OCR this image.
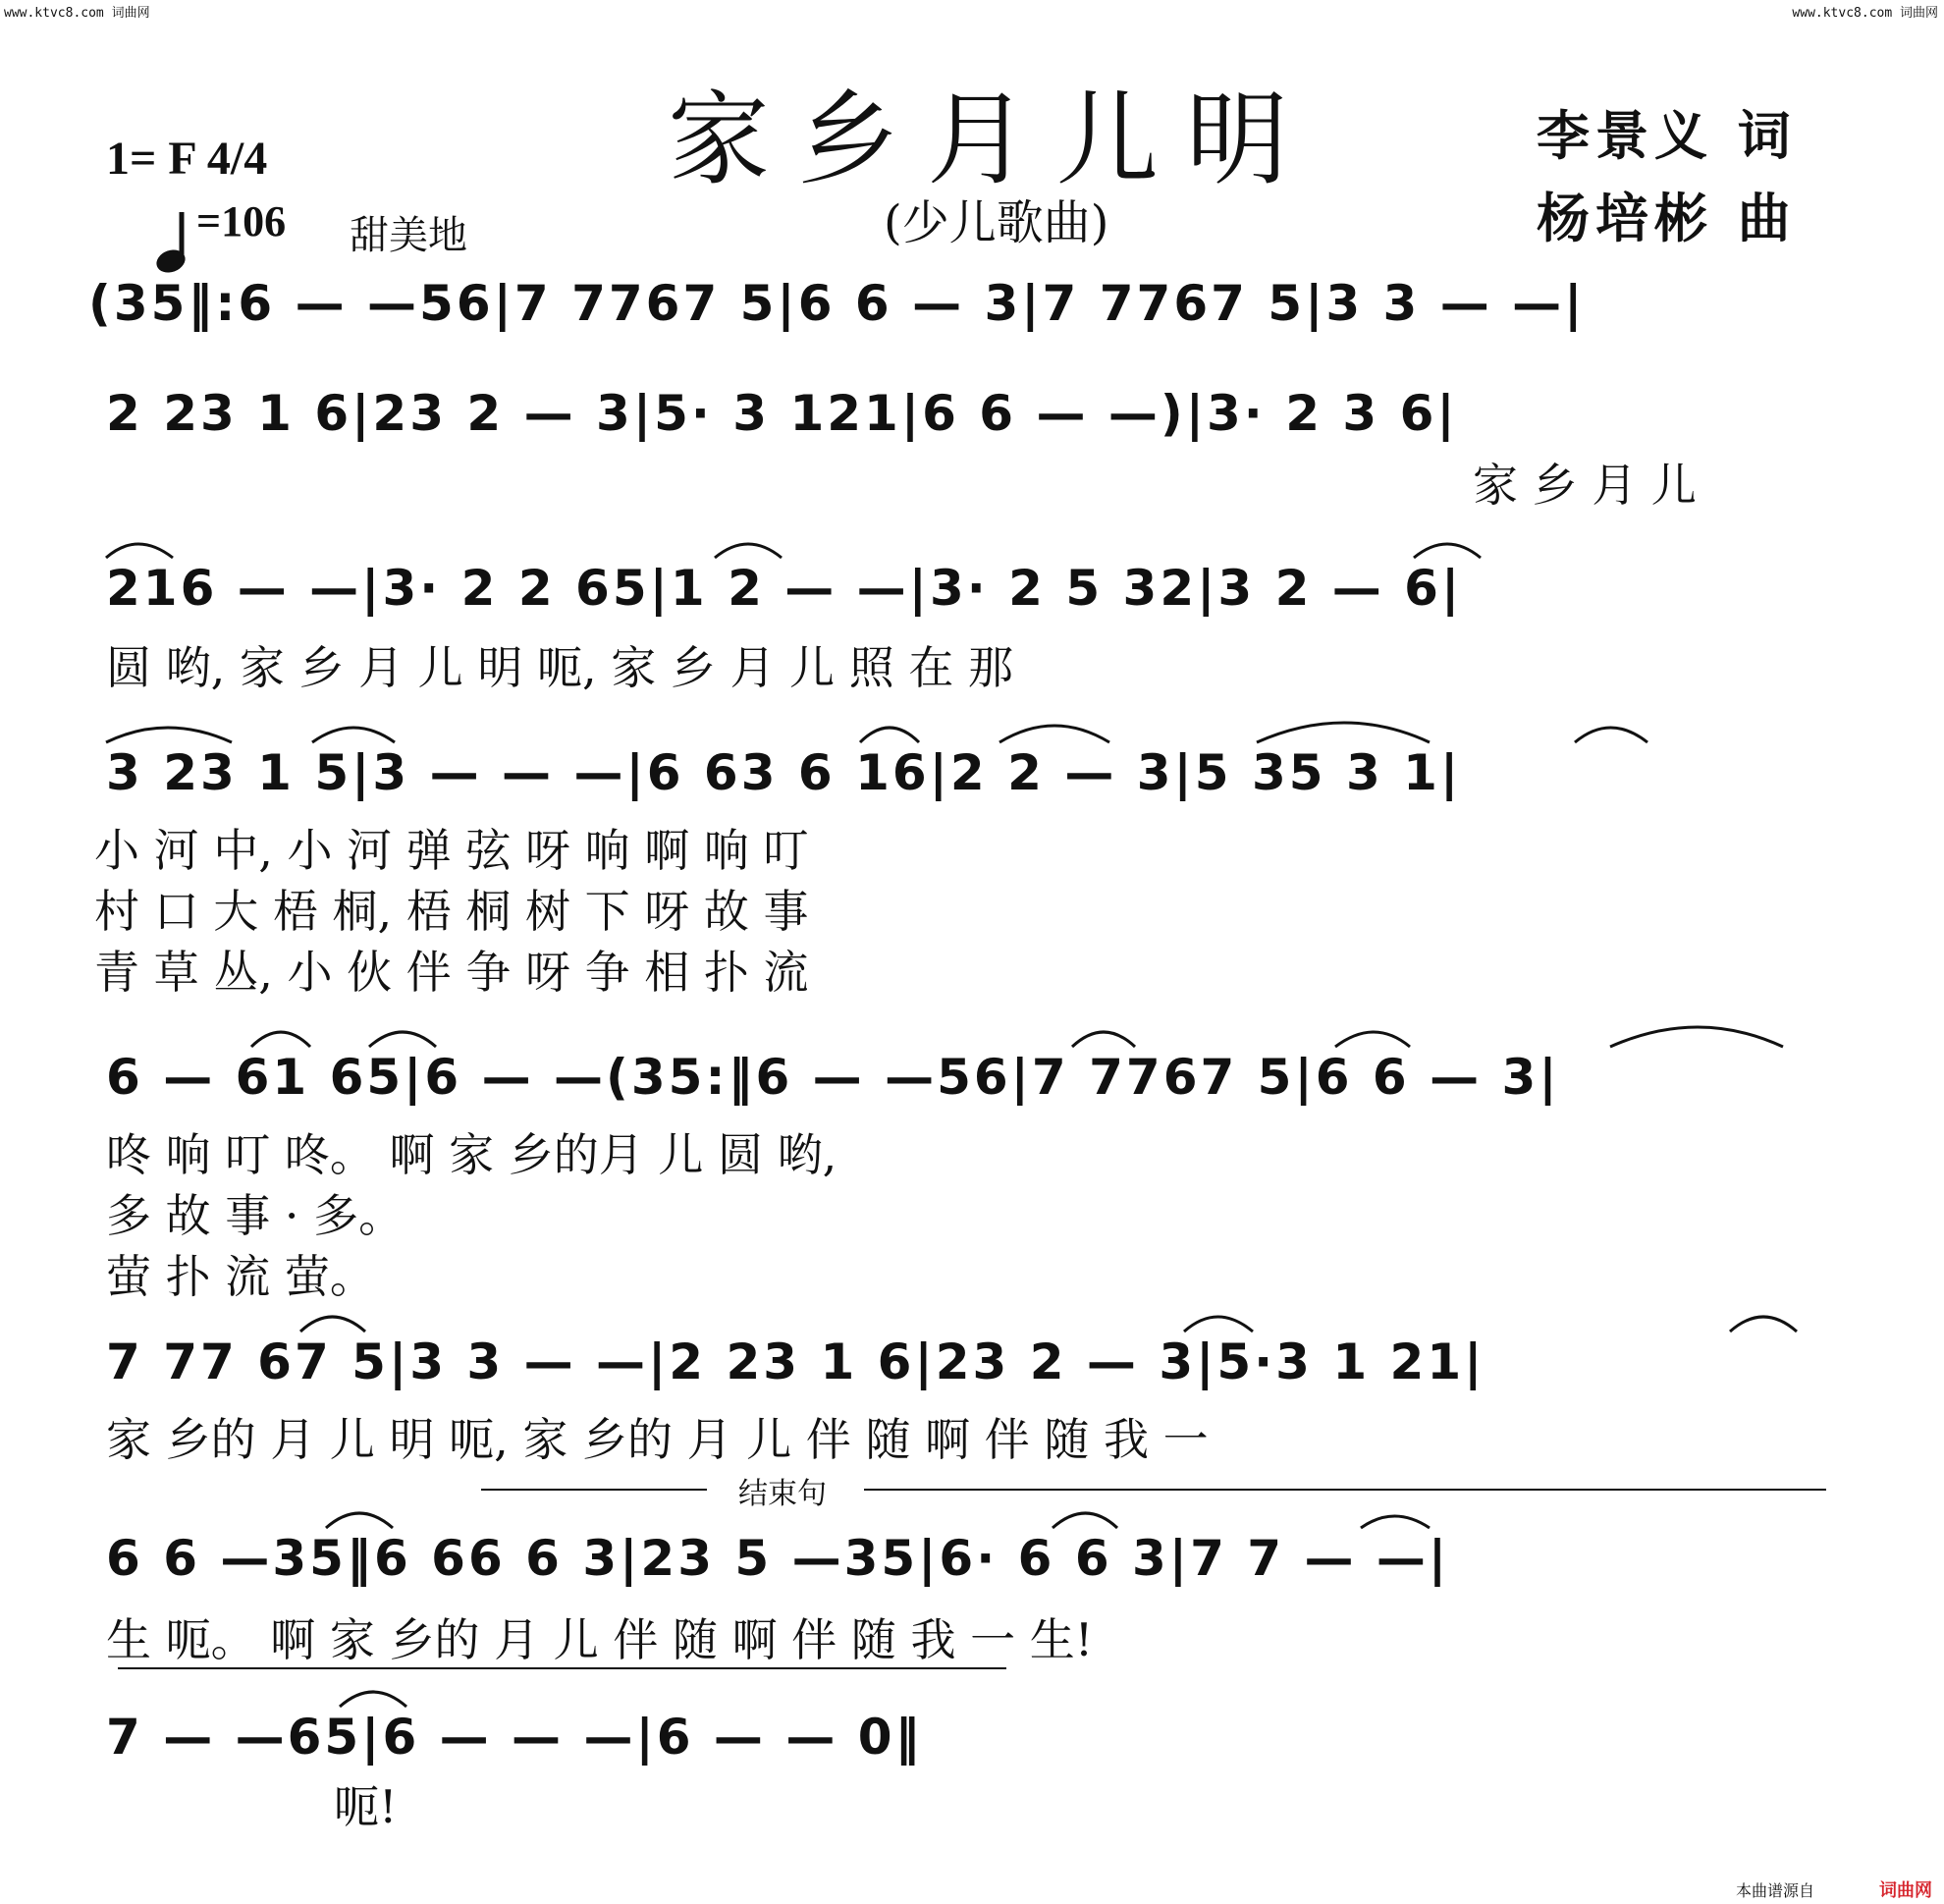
www.ktvc8.com 词曲网	www.ktvc8.com 词曲网
家乡月儿明
(少儿歌曲)
李景义 词
杨培彬 曲
1= F 4/4

=106 甜美地
(35‖:6 — —56|7 7767 5|6 6 — 3|7 7767 5|3 3 — —|
2 23 1 6|23 2 — 3|5· 3 121|6 6 — —)|3· 2 3 6|
家 乡 月 儿
216 — —|3· 2 2 65|1 2 — —|3· 2 5 32|3 2 — 6|
圆 哟, 家 乡 月 儿 明 呃, 家 乡 月 儿 照 在 那
3 23 1 5|3 — — —|6 63 6 16|2 2 — 3|5 35 3 1|
小 河 中, 小 河 弹 弦 呀 响 啊 响 叮
村 口 大 梧 桐, 梧 桐 树 下 呀 故 事
青 草 丛, 小 伙 伴 争 呀 争 相 扑 流
6 — 61 65|6 — —(35:‖6 — —56|7 7767 5|6 6 — 3|
咚 响 叮 咚。 啊 家 乡的月 儿 圆 哟,
多 故 事 · 多。
萤 扑 流 萤。
7 77 67 5|3 3 — —|2 23 1 6|23 2 — 3|5·3 1 21|
家 乡的 月 儿 明 呃, 家 乡的 月 儿 伴 随 啊 伴 随 我 一
结束句
6 6 —35‖6 66 6 3|23 5 —35|6· 6 6 3|7 7 — —|
生 呃。 啊 家 乡的 月 儿 伴 随 啊 伴 随 我 一 生!
7 — —65|6 — — —|6 — — 0‖
呃!
本曲谱源自	词曲网
